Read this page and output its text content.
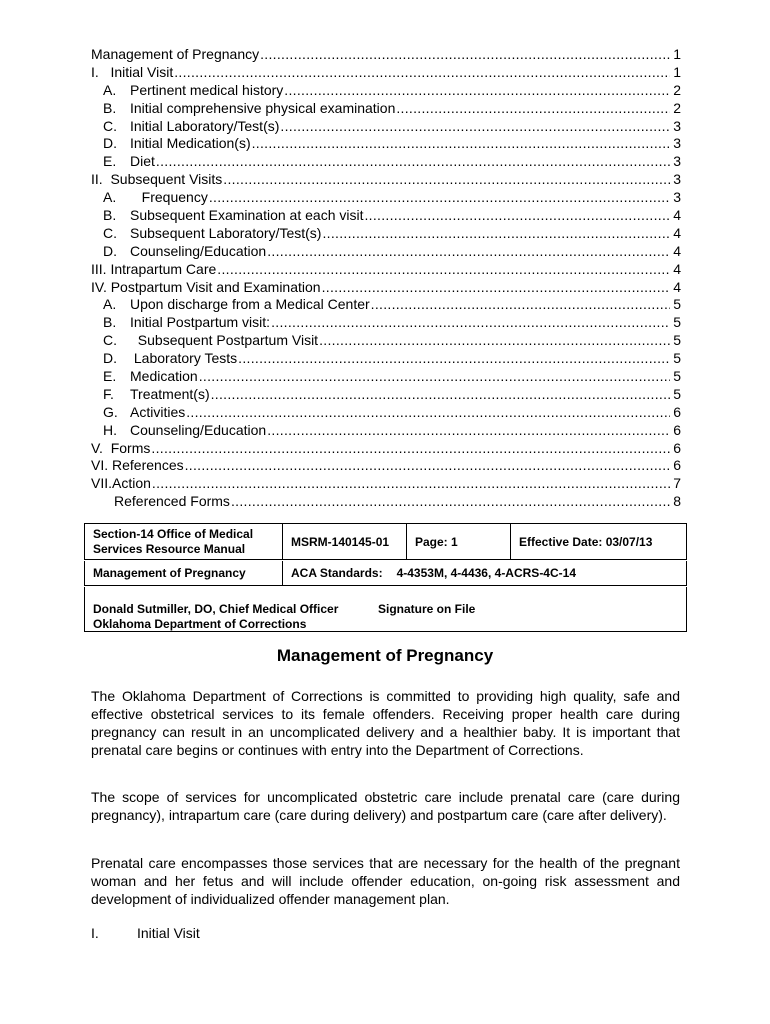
Management of Pregnancy .....	1
I.   Initial Visit .....	1
A. Pertinent medical history .....	2
B. Initial comprehensive physical examination .....	2
C. Initial Laboratory/Test(s) .....	3
D. Initial Medication(s) .....	3
E. Diet .....	3
II.  Subsequent Visits .....	3
A.   Frequency .....	3
B. Subsequent Examination at each visit .....	4
C. Subsequent Laboratory/Test(s) .....	4
D. Counseling/Education .....	4
III. Intrapartum Care .....	4
IV. Postpartum Visit and Examination .....	4
A. Upon discharge from a Medical Center .....	5
B. Initial Postpartum visit: .....	5
C.  Subsequent Postpartum Visit .....	5
D. Laboratory Tests .....	5
E. Medication .....	5
F. Treatment(s) .....	5
G. Activities .....	6
H. Counseling/Education .....	6
V.  Forms .....	6
VI. References .....	6
VII.Action .....	7
Referenced Forms .....	8
Section-14 Office of Medical Services Resource Manual	MSRM-140145-01	Page: 1	Effective Date: 03/07/13
Management of Pregnancy	ACA Standards: 4-4353M, 4-4436, 4-ACRS-4C-14
Donald Sutmiller, DO, Chief Medical Officer
Oklahoma Department of Corrections
Signature on File
Management of Pregnancy

The Oklahoma Department of Corrections is committed to providing high quality, safe and effective obstetrical services to its female offenders. Receiving proper health care during pregnancy can result in an uncomplicated delivery and a healthier baby. It is important that prenatal care begins or continues with entry into the Department of Corrections.

The scope of services for uncomplicated obstetric care include prenatal care (care during pregnancy), intrapartum care (care during delivery) and postpartum care (care after delivery).

Prenatal care encompasses those services that are necessary for the health of the pregnant woman and her fetus and will include offender education, on-going risk assessment and development of individualized offender management plan.

I.	Initial Visit
